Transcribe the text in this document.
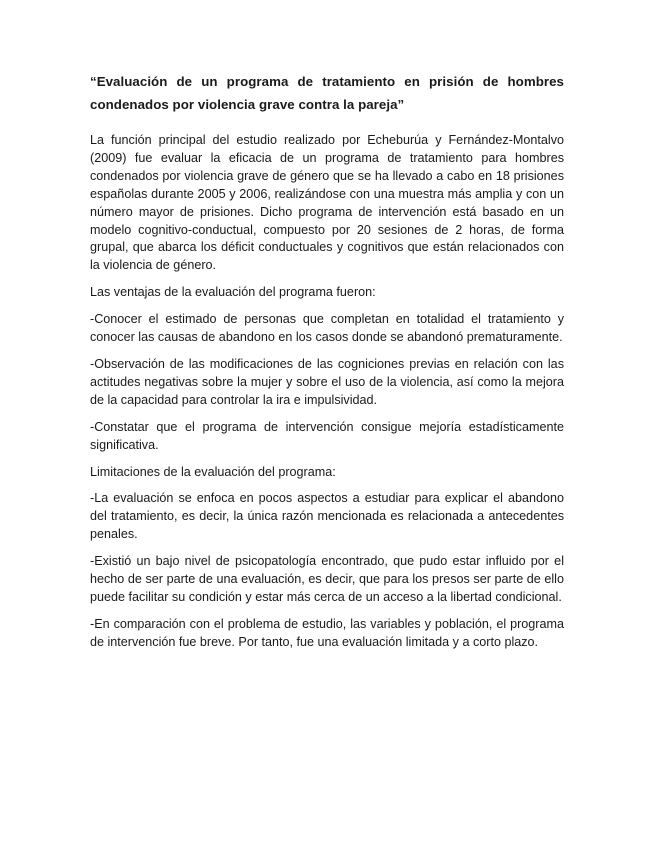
“Evaluación de un programa de tratamiento en prisión de hombres condenados por violencia grave contra la pareja”

La función principal del estudio realizado por Echeburúa y Fernández-Montalvo (2009) fue evaluar la eficacia de un programa de tratamiento para hombres condenados por violencia grave de género que se ha llevado a cabo en 18 prisiones españolas durante 2005 y 2006, realizándose con una muestra más amplia y con un número mayor de prisiones. Dicho programa de intervención está basado en un modelo cognitivo-conductual, compuesto por 20 sesiones de 2 horas, de forma grupal, que abarca los déficit conductuales y cognitivos que están relacionados con la violencia de género.

Las ventajas de la evaluación del programa fueron:

-Conocer el estimado de personas que completan en totalidad el tratamiento y conocer las causas de abandono en los casos donde se abandonó prematuramente.

-Observación de las modificaciones de las cogniciones previas en relación con las actitudes negativas sobre la mujer y sobre el uso de la violencia, así como la mejora de la capacidad para controlar la ira e impulsividad.

-Constatar que el programa de intervención consigue mejoría estadísticamente significativa.

Limitaciones de la evaluación del programa:

-La evaluación se enfoca en pocos aspectos a estudiar para explicar el abandono del tratamiento, es decir, la única razón mencionada es relacionada a antecedentes penales.

-Existió un bajo nivel de psicopatología encontrado, que pudo estar influido por el hecho de ser parte de una evaluación, es decir, que para los presos ser parte de ello puede facilitar su condición y estar más cerca de un acceso a la libertad condicional.

-En comparación con el problema de estudio, las variables y población, el programa de intervención fue breve. Por tanto, fue una evaluación limitada y a corto plazo.
